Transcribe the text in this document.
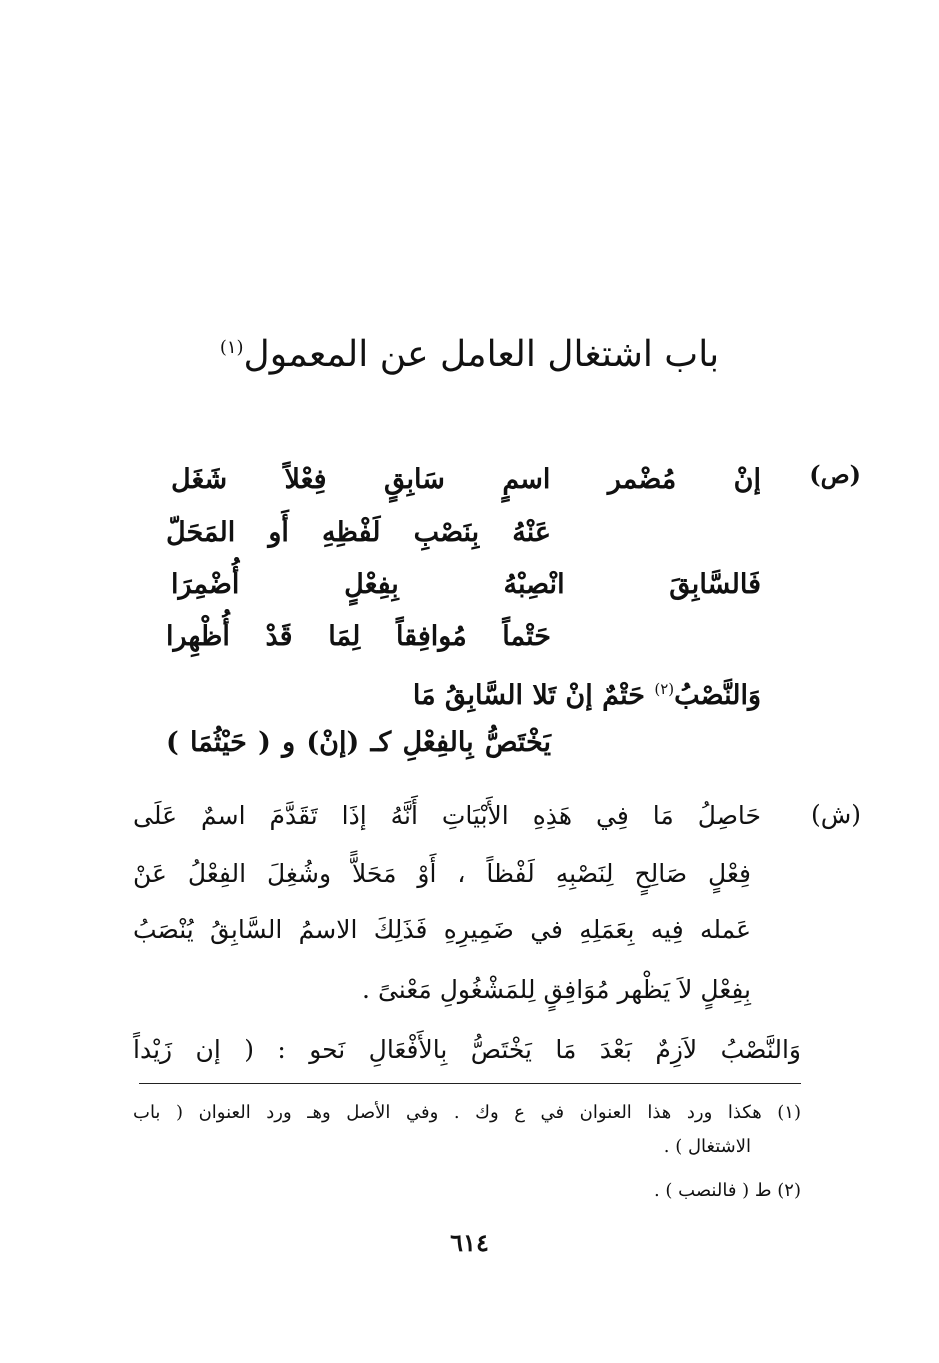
باب اشتغال العامل عن المعمول$^{(١)}$
(ص)
إنْ مُضْمر اسمٍ سَابِقٍ فِعْلاً شَغَل
عَنْهُ بِنَصْبِ لَفْظِهِ أَو المَحَلّ
فَالسَّابِقَ انْصِبْهُ بِفِعْلٍ أُضْمِرَا
حَتْماً مُوافِقاً لِمَا قَدْ أُظْهِرا
وَالنَّصْبُ$^{(٢)}$ حَتْمٌ إنْ تَلا السَّابِقُ مَا
يَخْتَصُّ بِالفِعْلِ كـ (إنْ) و ( حَيْثُمَا )
(ش)
حَاصِلُ مَا فِي هَذِهِ الأَبْيَاتِ أَنَّهُ إذَا تَقَدَّمَ اسمٌ عَلَى
فِعْلٍ صَالِحٍ لِنَصْبِهِ لَفْظاً ، أَوْ مَحَلاًّ وشُغِلَ الفِعْلُ عَنْ
عَمله فِيه بِعَمَلِهِ في ضَمِيرِهِ فَذَلِكَ الاسمُ السَّابِقُ يُنْصَبُ
بِفِعْلٍ لاَ يَظْهر مُوَافِقٍ لِلمَشْغُولِ مَعْنىً .
وَالنَّصْبُ لاَزِمٌ بَعْدَ مَا يَخْتَصُّ بِالأَفْعَالِ نَحو : ( إن زَيْداً
(١) هكذا ورد هذا العنوان في ع وك . وفي الأصل وهـ ورد العنوان ( باب
الاشتغال ) .
(٢) ط ( فالنصب ) .
٦١٤
